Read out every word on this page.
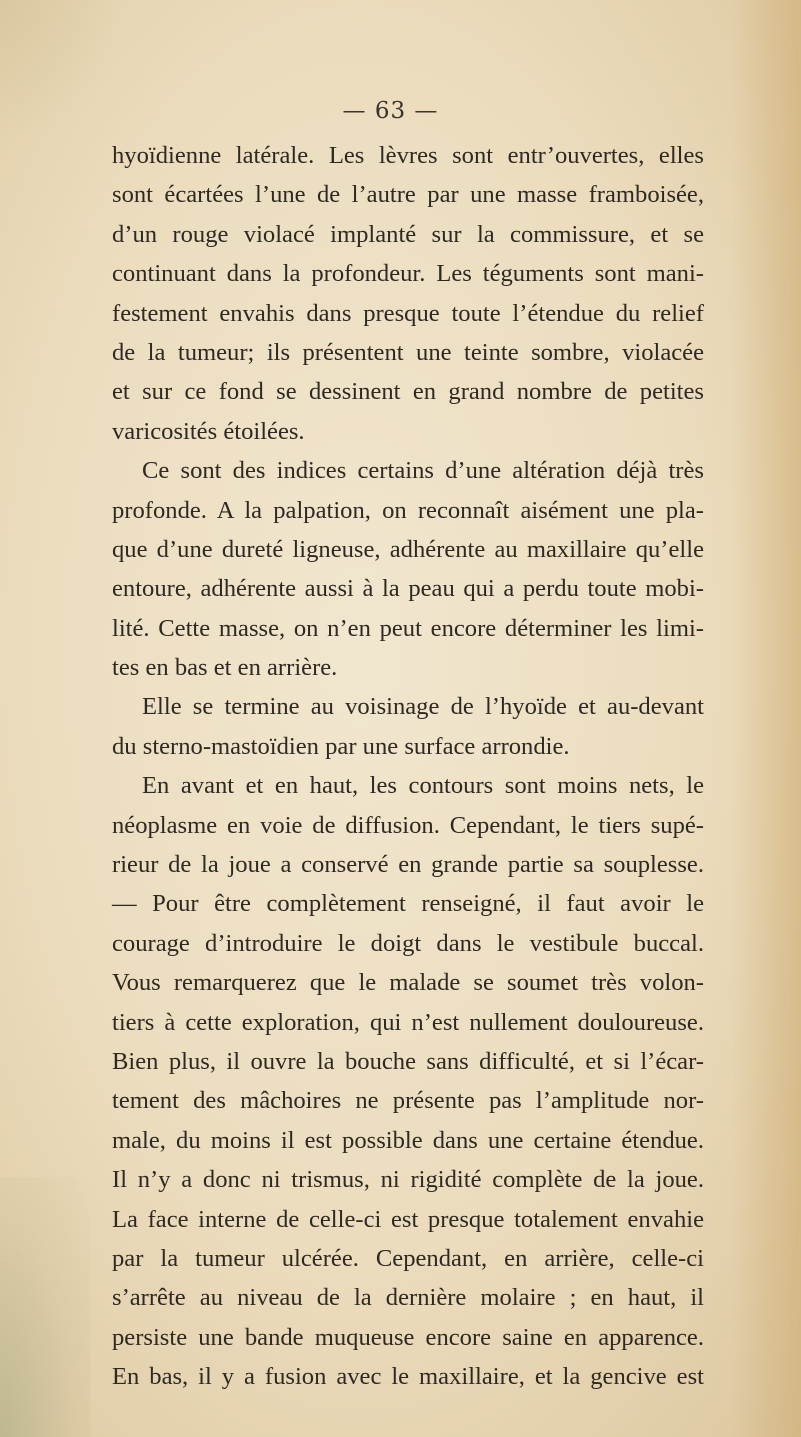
— 63 —
hyoïdienne latérale. Les lèvres sont entr’ouvertes, elles
sont écartées l’une de l’autre par une masse framboisée,
d’un rouge violacé implanté sur la commissure, et se
continuant dans la profondeur. Les téguments sont mani-
festement envahis dans presque toute l’étendue du relief
de la tumeur; ils présentent une teinte sombre, violacée
et sur ce fond se dessinent en grand nombre de petites
varicosités étoilées.
Ce sont des indices certains d’une altération déjà très
profonde. A la palpation, on reconnaît aisément une pla-
que d’une dureté ligneuse, adhérente au maxillaire qu’elle
entoure, adhérente aussi à la peau qui a perdu toute mobi-
lité. Cette masse, on n’en peut encore déterminer les limi-
tes en bas et en arrière.
Elle se termine au voisinage de l’hyoïde et au-devant
du sterno-mastoïdien par une surface arrondie.
En avant et en haut, les contours sont moins nets, le
néoplasme en voie de diffusion. Cependant, le tiers supé-
rieur de la joue a conservé en grande partie sa souplesse.
— Pour être complètement renseigné, il faut avoir le
courage d’introduire le doigt dans le vestibule buccal.
Vous remarquerez que le malade se soumet très volon-
tiers à cette exploration, qui n’est nullement douloureuse.
Bien plus, il ouvre la bouche sans difficulté, et si l’écar-
tement des mâchoires ne présente pas l’amplitude nor-
male, du moins il est possible dans une certaine étendue.
Il n’y a donc ni trismus, ni rigidité complète de la joue.
La face interne de celle-ci est presque totalement envahie
par la tumeur ulcérée. Cependant, en arrière, celle-ci
s’arrête au niveau de la dernière molaire ; en haut, il
persiste une bande muqueuse encore saine en apparence.
En bas, il y a fusion avec le maxillaire, et la gencive est
